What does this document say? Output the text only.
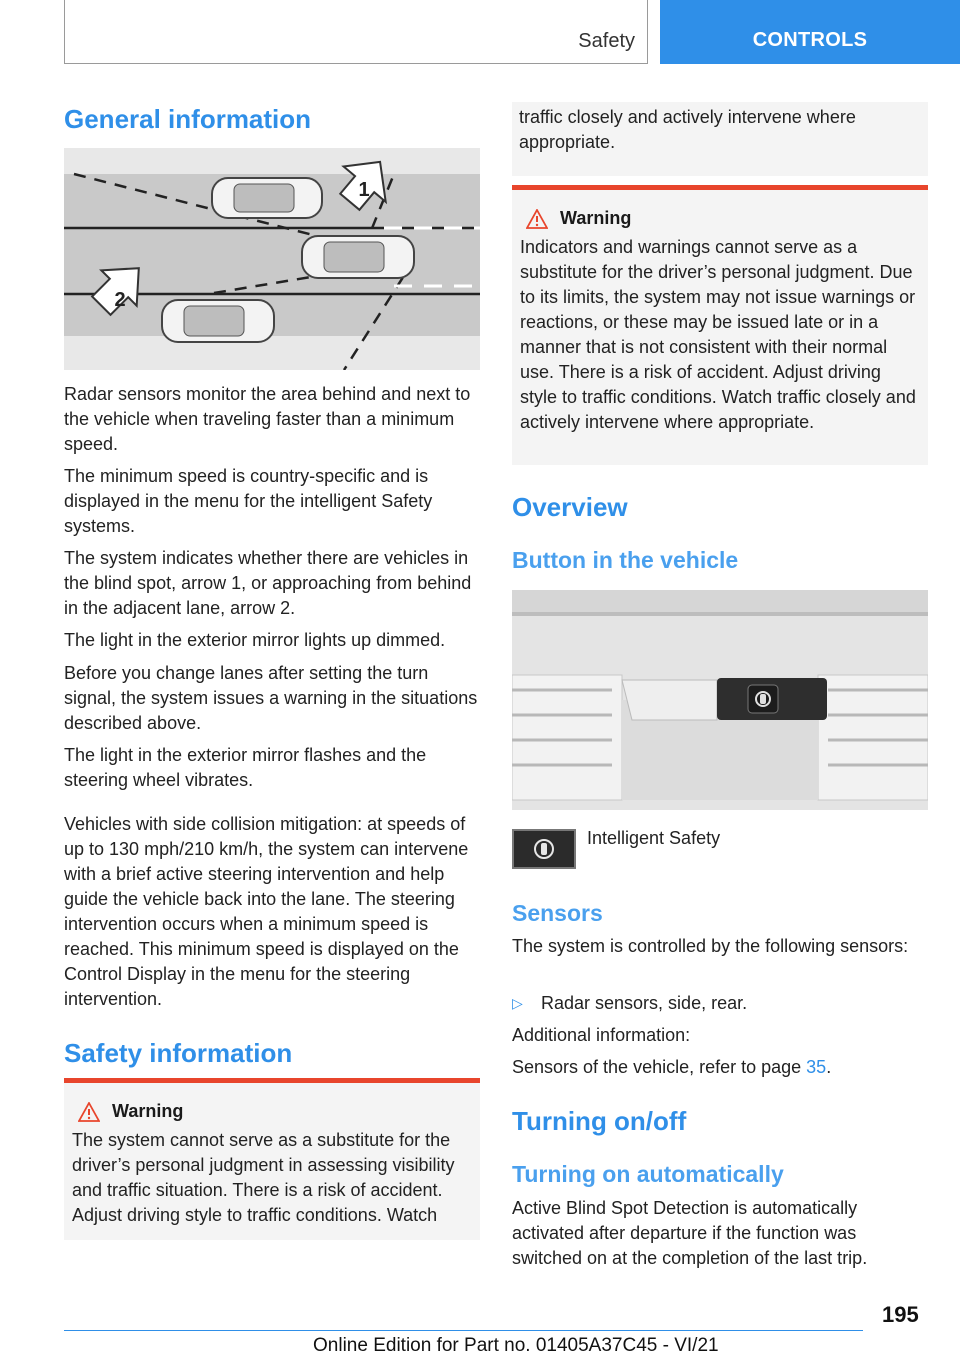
Safety	CONTROLS
General information
1
2

Radar sensors monitor the area behind and next to the vehicle when traveling faster than a minimum speed.

The minimum speed is country-specific and is displayed in the menu for the intelligent Safety systems.

The system indicates whether there are vehicles in the blind spot, arrow 1, or approaching from behind in the adjacent lane, arrow 2.

The light in the exterior mirror lights up dimmed.

Before you change lanes after setting the turn signal, the system issues a warning in the situations described above.

The light in the exterior mirror flashes and the steering wheel vibrates.

Vehicles with side collision mitigation: at speeds of up to 130 mph/210 km/h, the system can intervene with a brief active steering intervention and help guide the vehicle back into the lane. The steering intervention occurs when a minimum speed is reached. This minimum speed is displayed on the Control Display in the menu for the steering intervention.

Safety information
Warning

The system cannot serve as a substitute for the driver’s personal judgment in assessing visibility and traffic situation. There is a risk of accident. Adjust driving style to traffic conditions. Watch

traffic closely and actively intervene where appropriate.

Warning

Indicators and warnings cannot serve as a substitute for the driver’s personal judgment. Due to its limits, the system may not issue warnings or reactions, or these may be issued late or in a manner that is not consistent with their normal use. There is a risk of accident. Adjust driving style to traffic conditions. Watch traffic closely and actively intervene where appropriate.

Overview
Button in the vehicle

Intelligent Safety

Sensors

The system is controlled by the following sensors:

▷ Radar sensors, side, rear.

Additional information:

Sensors of the vehicle, refer to page 35.

Turning on/off
Turning on automatically

Active Blind Spot Detection is automatically activated after departure if the function was switched on at the completion of the last trip.

195
Online Edition for Part no. 01405A37C45 - VI/21
